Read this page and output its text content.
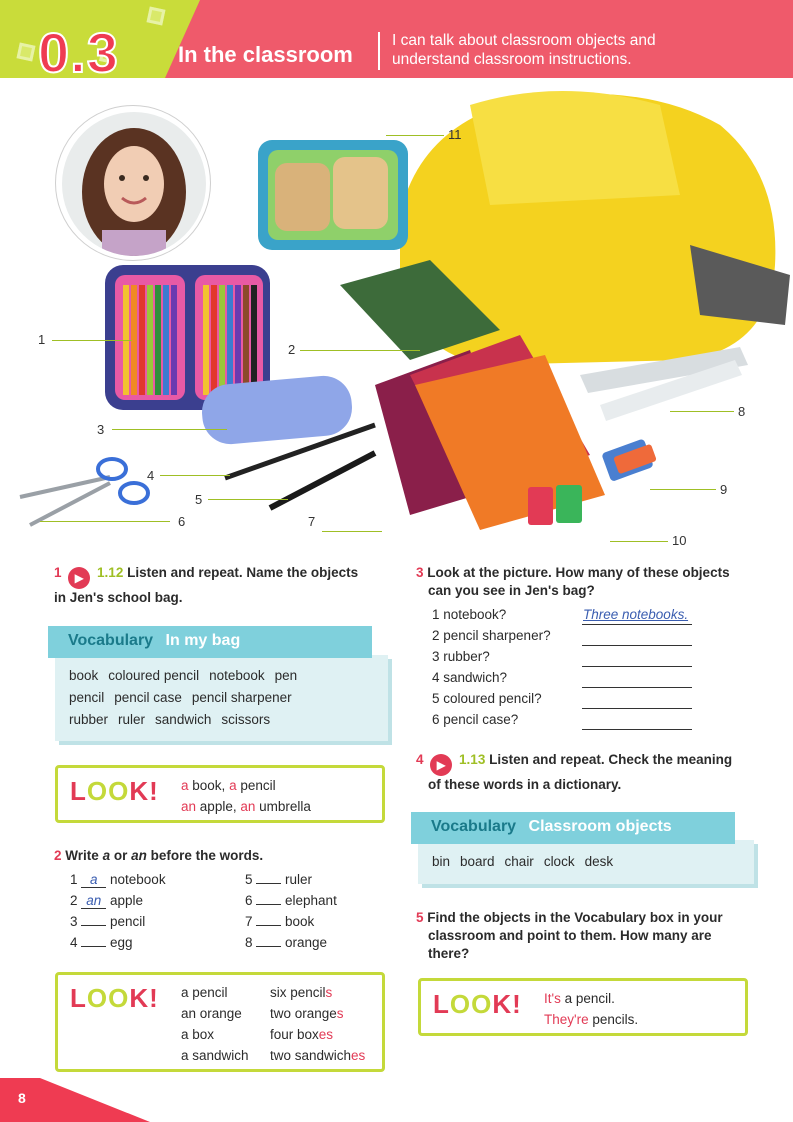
0.3	In the classroom
I can talk about classroom objects and understand classroom instructions.
1
2
3
4
5
6	7
8
9
10
11
1 ▶ 1.12 Listen and repeat. Name the objects
in Jen's school bag.
Vocabulary In my bag
book coloured pencil notebook pen
pencil pencil case pencil sharpener
rubber ruler sandwich scissors
LOOK! a book, a pencil
an apple, an umbrella
2 Write a or an before the words.
1 a notebook
2 an apple
3  pencil
4  egg
5  ruler
6  elephant
7  book
8  orange
LOOK! a pencil	six pencils
an orange two oranges
a box	four boxes
a sandwich two sandwiches
3 Look at the picture. How many of these objects
can you see in Jen's bag?
1 notebook?	Three notebooks.
2 pencil sharpener?
3 rubber?
4 sandwich?
5 coloured pencil?
6 pencil case?
4 ▶ 1.13 Listen and repeat. Check the meaning
of these words in a dictionary.
Vocabulary Classroom objects
bin board chair clock desk
5 Find the objects in the Vocabulary box in your
classroom and point to them. How many are
there?
LOOK! It's a pencil.
They're pencils.
8
